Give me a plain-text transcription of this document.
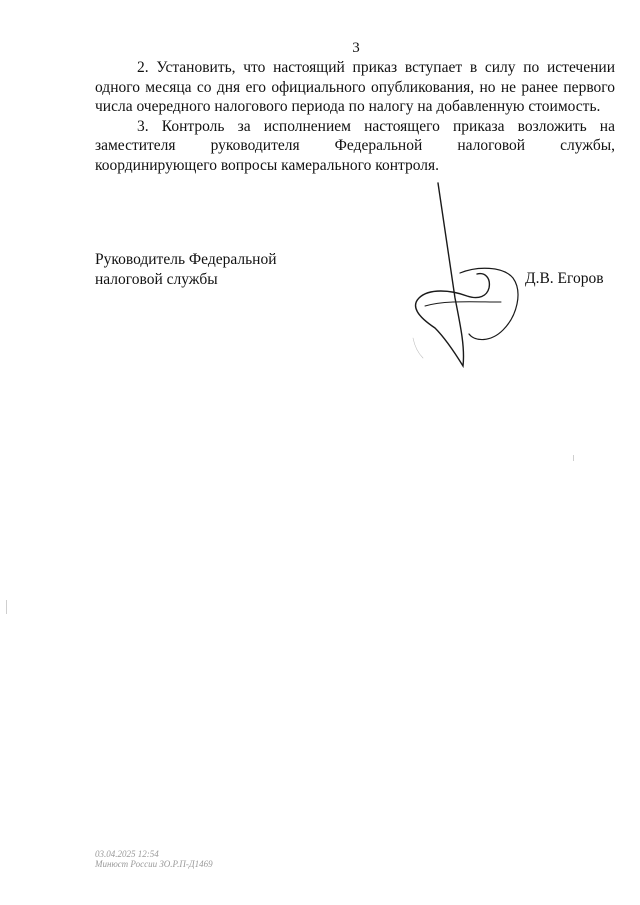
3

2. Установить, что настоящий приказ вступает в силу по истечении одного месяца со дня его официального опубликования, но не ранее первого числа очередного налогового периода по налогу на добавленную стоимость.

3. Контроль за исполнением настоящего приказа возложить на заместителя руководителя Федеральной налоговой службы, координирующего вопросы камерального контроля.

Руководитель Федеральной
налоговой службы	Д.В. Егоров
03.04.2025 12:54
Минюст России ЗО.Р.П-Д1469
